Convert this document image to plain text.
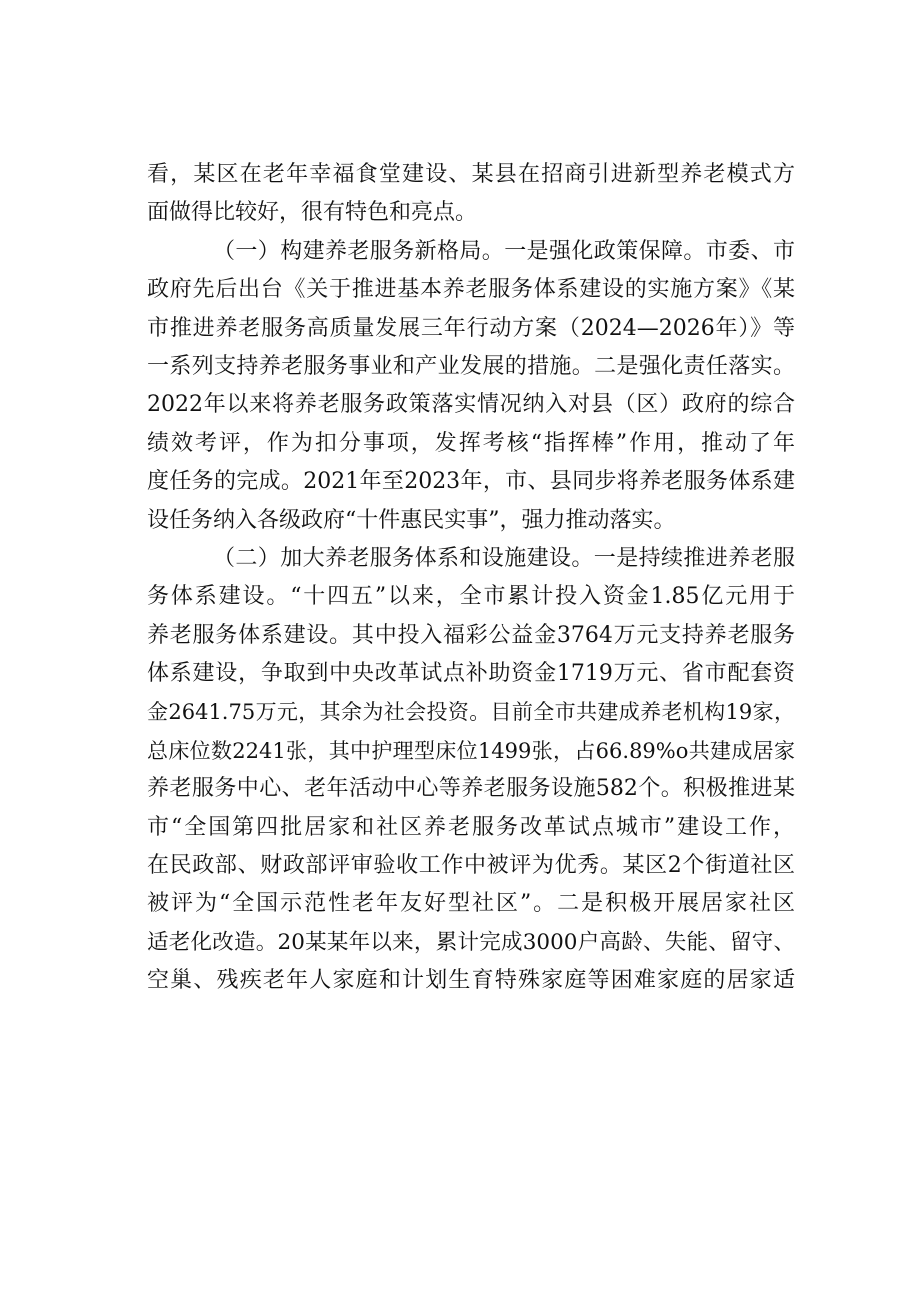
看，某区在老年幸福食堂建设、某县在招商引进新型养老模式方
面做得比较好，很有特色和亮点。
（一）构建养老服务新格局。一是强化政策保障。市委、市
政府先后出台《关于推进基本养老服务体系建设的实施方案》《某
市推进养老服务高质量发展三年行动方案（2024—2026年）》等
一系列支持养老服务事业和产业发展的措施。二是强化责任落实。
2022年以来将养老服务政策落实情况纳入对县（区）政府的综合
绩效考评，作为扣分事项，发挥考核“指挥棒”作用，推动了年
度任务的完成。2021年至2023年，市、县同步将养老服务体系建
设任务纳入各级政府“十件惠民实事”，强力推动落实。
（二）加大养老服务体系和设施建设。一是持续推进养老服
务体系建设。“十四五”以来，全市累计投入资金1.85亿元用于
养老服务体系建设。其中投入福彩公益金3764万元支持养老服务
体系建设，争取到中央改革试点补助资金1719万元、省市配套资
金2641.75万元，其余为社会投资。目前全市共建成养老机构19家，
总床位数2241张，其中护理型床位1499张，占66.89%o共建成居家
养老服务中心、老年活动中心等养老服务设施582个。积极推进某
市“全国第四批居家和社区养老服务改革试点城市”建设工作，
在民政部、财政部评审验收工作中被评为优秀。某区2个街道社区
被评为“全国示范性老年友好型社区”。二是积极开展居家社区
适老化改造。20某某年以来，累计完成3000户高龄、失能、留守、
空巢、残疾老年人家庭和计划生育特殊家庭等困难家庭的居家适
